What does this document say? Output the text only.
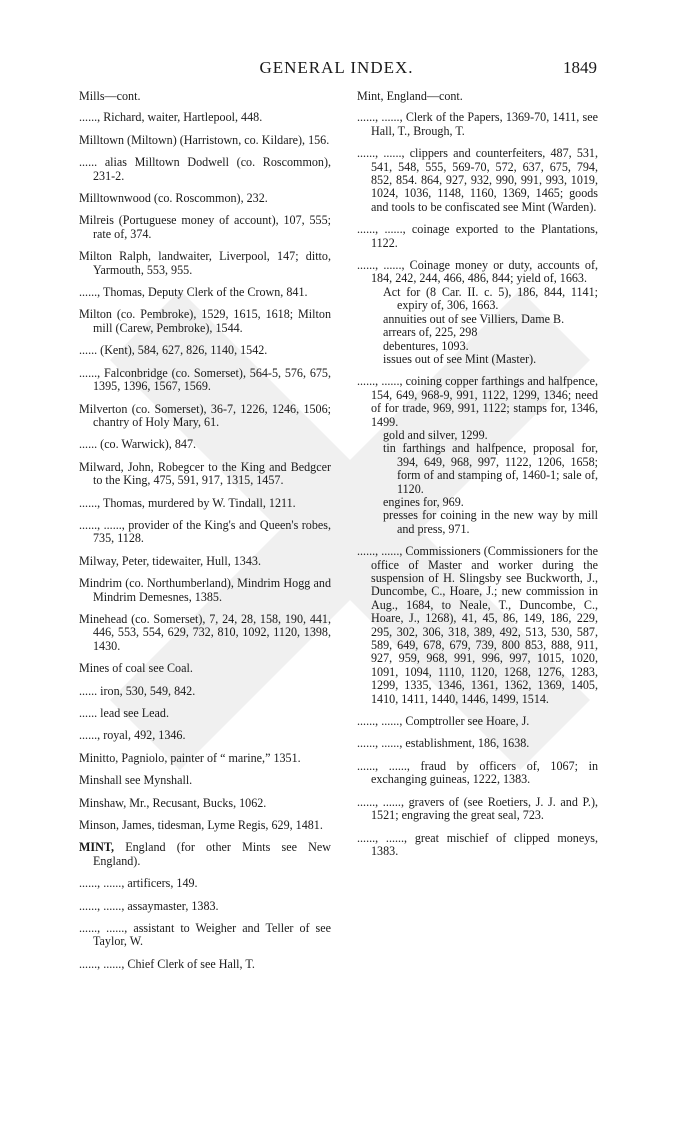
GENERAL INDEX.	1849
Mills—cont.
......, Richard, waiter, Hartlepool, 448.
Milltown (Miltown) (Harristown, co. Kildare), 156.
...... alias Milltown Dodwell (co. Roscommon), 231-2.
Milltownwood (co. Roscommon), 232.
Milreis (Portuguese money of account), 107, 555; rate of, 374.
Milton Ralph, landwaiter, Liverpool, 147; ditto, Yarmouth, 553, 955.
......, Thomas, Deputy Clerk of the Crown, 841.
Milton (co. Pembroke), 1529, 1615, 1618; Milton mill (Carew, Pembroke), 1544.
...... (Kent), 584, 627, 826, 1140, 1542.
......, Falconbridge (co. Somerset), 564-5, 576, 675, 1395, 1396, 1567, 1569.
Milverton (co. Somerset), 36-7, 1226, 1246, 1506; chantry of Holy Mary, 61.
...... (co. Warwick), 847.
Milward, John, Robegcer to the King and Bedgcer to the King, 475, 591, 917, 1315, 1457.
......, Thomas, murdered by W. Tindall, 1211.
......, ......, provider of the King's and Queen's robes, 735, 1128.
Milway, Peter, tidewaiter, Hull, 1343.
Mindrim (co. Northumberland), Mindrim Hogg and Mindrim Demesnes, 1385.
Minehead (co. Somerset), 7, 24, 28, 158, 190, 441, 446, 553, 554, 629, 732, 810, 1092, 1120, 1398, 1430.
Mines of coal see Coal.
...... iron, 530, 549, 842.
...... lead see Lead.
......, royal, 492, 1346.
Minitto, Pagniolo, painter of “ marine,” 1351.
Minshall see Mynshall.
Minshaw, Mr., Recusant, Bucks, 1062.
Minson, James, tidesman, Lyme Regis, 629, 1481.
MINT, England (for other Mints see New England).
......, ......, artificers, 149.
......, ......, assaymaster, 1383.
......, ......, assistant to Weigher and Teller of see Taylor, W.
......, ......, Chief Clerk of see Hall, T.
Mint, England—cont.
......, ......, Clerk of the Papers, 1369-70, 1411, see Hall, T., Brough, T.
......, ......, clippers and counterfeiters, 487, 531, 541, 548, 555, 569-70, 572, 637, 675, 794, 852, 854. 864, 927, 932, 990, 991, 993, 1019, 1024, 1036, 1148, 1160, 1369, 1465; goods and tools to be confiscated see Mint (Warden).
......, ......, coinage exported to the Plantations, 1122.
......, ......, Coinage money or duty, accounts of, 184, 242, 244, 466, 486, 844; yield of, 1663.
Act for (8 Car. II. c. 5), 186, 844, 1141; expiry of, 306, 1663.
annuities out of see Villiers, Dame B.
arrears of, 225, 298
debentures, 1093.
issues out of see Mint (Master).
......, ......, coining copper farthings and halfpence, 154, 649, 968-9, 991, 1122, 1299, 1346; need of for trade, 969, 991, 1122; stamps for, 1346, 1499.
gold and silver, 1299.
tin farthings and halfpence, proposal for, 394, 649, 968, 997, 1122, 1206, 1658; form of and stamping of, 1460-1; sale of, 1120.
engines for, 969.
presses for coining in the new way by mill and press, 971.
......, ......, Commissioners (Commissioners for the office of Master and worker during the suspension of H. Slingsby see Buckworth, J., Duncombe, C., Hoare, J.; new commission in Aug., 1684, to Neale, T., Duncombe, C., Hoare, J., 1268), 41, 45, 86, 149, 186, 229, 295, 302, 306, 318, 389, 492, 513, 530, 587, 589, 649, 678, 679, 739, 800 853, 888, 911, 927, 959, 968, 991, 996, 997, 1015, 1020, 1091, 1094, 1110, 1120, 1268, 1276, 1283, 1299, 1335, 1346, 1361, 1362, 1369, 1405, 1410, 1411, 1440, 1446, 1499, 1514.
......, ......, Comptroller see Hoare, J.
......, ......, establishment, 186, 1638.
......, ......, fraud by officers of, 1067; in exchanging guineas, 1222, 1383.
......, ......, gravers of (see Roetiers, J. J. and P.), 1521; engraving the great seal, 723.
......, ......, great mischief of clipped moneys, 1383.
